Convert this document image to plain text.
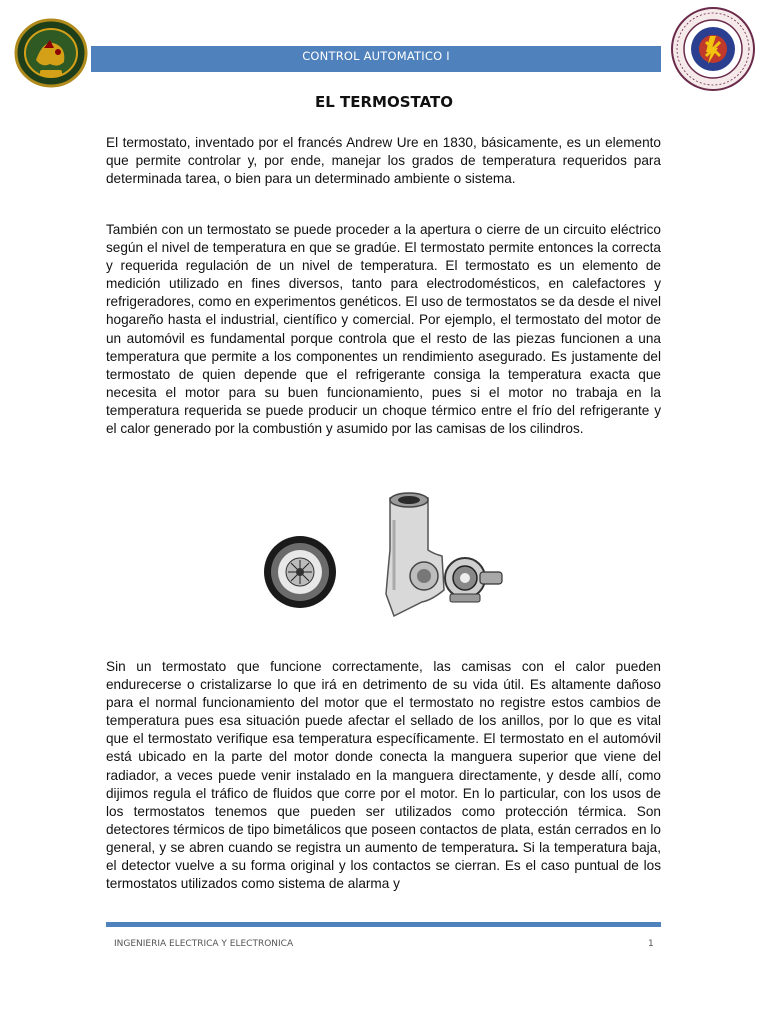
CONTROL AUTOMATICO I
EL TERMOSTATO
El termostato, inventado por el francés Andrew Ure en 1830, básicamente, es un elemento que permite controlar y, por ende, manejar los grados de temperatura requeridos para determinada tarea, o bien para un determinado ambiente o sistema.
También con un termostato se puede proceder a la apertura o cierre de un circuito eléctrico según el nivel de temperatura en que se gradúe. El termostato permite entonces la correcta y requerida regulación de un nivel de temperatura. El termostato es un elemento de medición utilizado en fines diversos, tanto para electrodomésticos, en calefactores y refrigeradores, como en experimentos genéticos. El uso de termostatos se da desde el nivel hogareño hasta el industrial, científico y comercial. Por ejemplo, el termostato del motor de un automóvil es fundamental porque controla que el resto de las piezas funcionen a una temperatura que permite a los componentes un rendimiento asegurado. Es justamente del termostato de quien depende que el refrigerante consiga la temperatura exacta que necesita el motor para su buen funcionamiento, pues si el motor no trabaja en la temperatura requerida se puede producir un choque térmico entre el frío del refrigerante y el calor generado por la combustión y asumido por las camisas de los cilindros.
Sin un termostato que funcione correctamente, las camisas con el calor pueden endurecerse o cristalizarse lo que irá en detrimento de su vida útil. Es altamente dañoso para el normal funcionamiento del motor que el termostato no registre estos cambios de temperatura pues esa situación puede afectar el sellado de los anillos, por lo que es vital que el termostato verifique esa temperatura específicamente. El termostato en el automóvil está ubicado en la parte del motor donde conecta la manguera superior que viene del radiador, a veces puede venir instalado en la manguera directamente, y desde allí, como dijimos regula el tráfico de fluidos que corre por el motor. En lo particular, con los usos de los termostatos tenemos que pueden ser utilizados como protección térmica. Son detectores térmicos de tipo bimetálicos que poseen contactos de plata, están cerrados en lo general, y se abren cuando se registra un aumento de temperatura. Si la temperatura baja, el detector vuelve a su forma original y los contactos se cierran. Es el caso puntual de los termostatos utilizados como sistema de alarma y
INGENIERIA ELECTRICA Y ELECTRONICA	1
